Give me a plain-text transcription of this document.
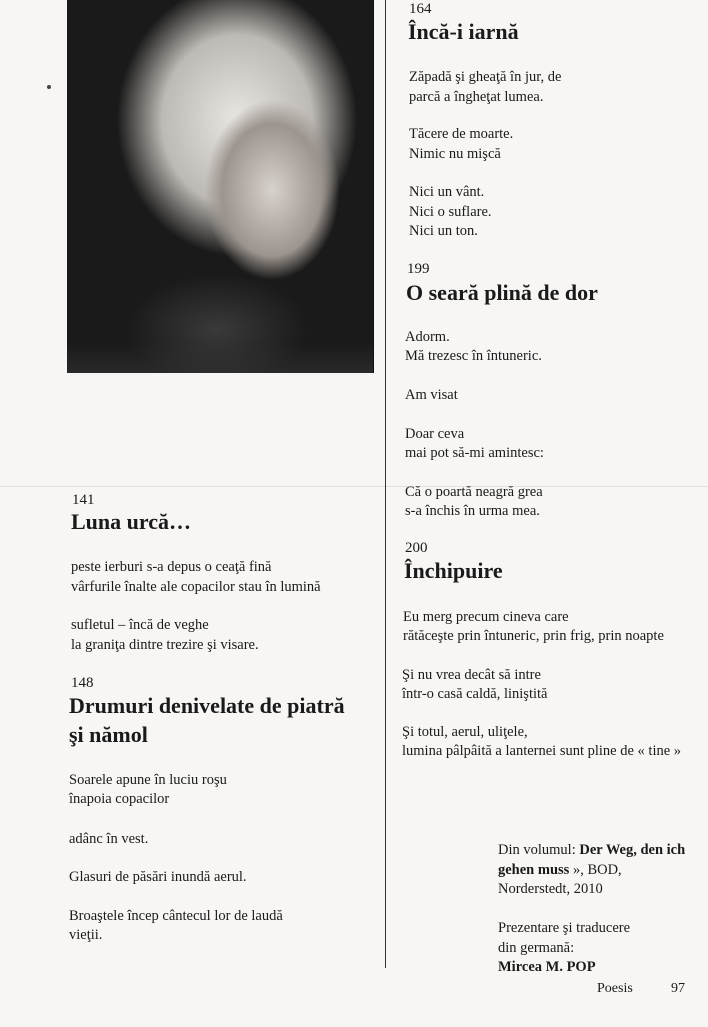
164
Încă-i iarnă
Zăpadă şi gheaţă în jur, de
parcă a îngheţat lumea.
Tăcere de moarte.
Nimic nu mişcă
Nici un vânt.
Nici o suflare.
Nici un ton.
199
O seară plină de dor
Adorm.
Mă trezesc în întuneric.
Am visat
Doar ceva
mai pot să-mi amintesc:
Că o poartă neagră grea
s-a închis în urma mea.
200
Închipuire
Eu merg precum cineva care
rătăceşte prin întuneric, prin frig, prin noapte
Şi nu vrea decât să intre
într-o casă caldă, liniştită
Şi totul, aerul, uliţele,
lumina pâlpâită a lanternei sunt pline de « tine »
141
Luna urcă…
peste ierburi s-a depus o ceaţă fină
vârfurile înalte ale copacilor stau în lumină
sufletul – încă de veghe
la graniţa dintre trezire şi visare.
148
Drumuri denivelate de piatră
şi nămol
Soarele apune în luciu roşu
înapoia copacilor
adânc în vest.
Glasuri de păsări inundă aerul.
Broaştele încep cântecul lor de laudă
vieţii.
Din volumul: Der Weg, den ich
gehen muss », BOD,
Norderstedt, 2010
Prezentare şi traducere
din germană:
Mircea M. POP
Poesis	97
